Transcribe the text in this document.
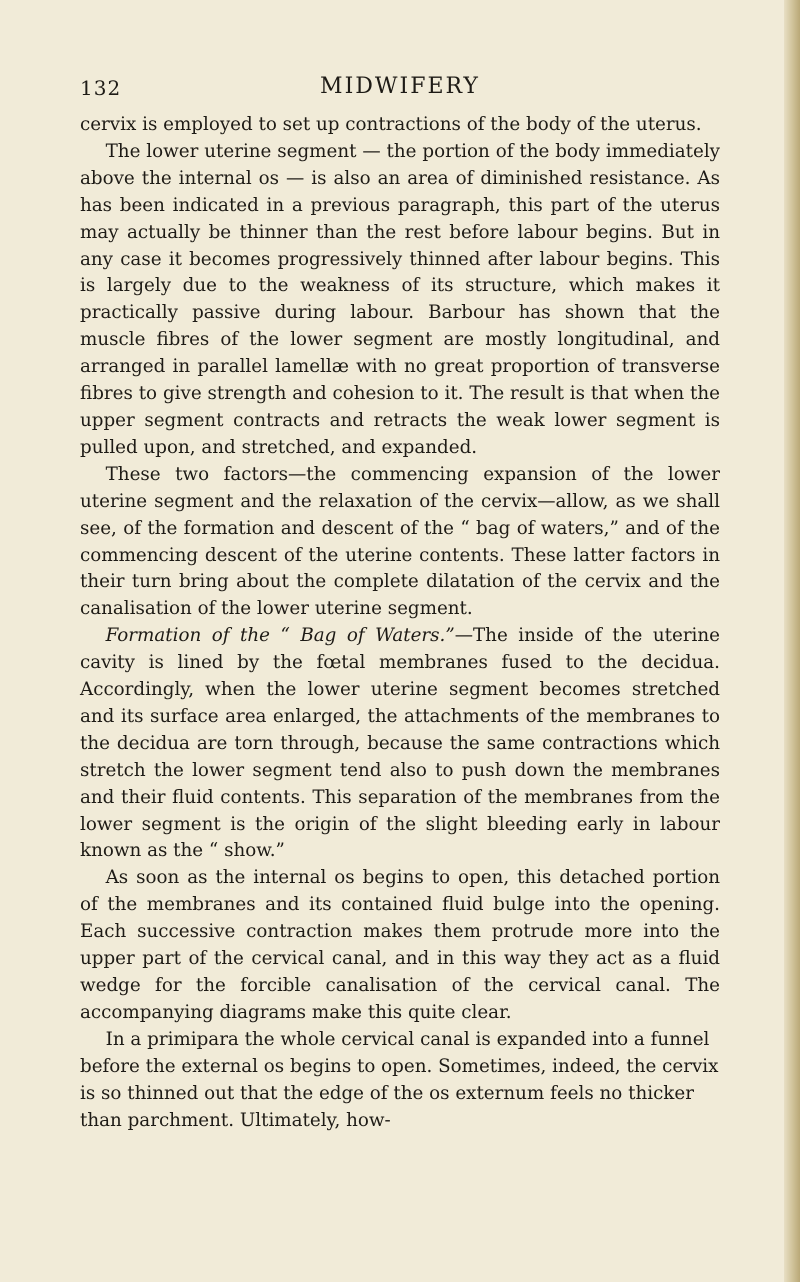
132	MIDWIFERY

cervix is employed to set up contractions of the body of the uterus.

The lower uterine segment — the portion of the body immediately above the internal os — is also an area of diminished resistance. As has been indicated in a previous paragraph, this part of the uterus may actually be thinner than the rest before labour begins. But in any case it becomes progressively thinned after labour begins. This is largely due to the weakness of its structure, which makes it practically passive during labour. Barbour has shown that the muscle fibres of the lower segment are mostly longitudinal, and arranged in parallel lamellæ with no great proportion of transverse fibres to give strength and cohesion to it. The result is that when the upper segment contracts and retracts the weak lower segment is pulled upon, and stretched, and expanded.

These two factors—the commencing expansion of the lower uterine segment and the relaxation of the cervix—allow, as we shall see, of the formation and descent of the “ bag of waters,” and of the commencing descent of the uterine contents. These latter factors in their turn bring about the complete dilatation of the cervix and the canalisation of the lower uterine segment.

Formation of the “ Bag of Waters.”—The inside of the uterine cavity is lined by the fœtal membranes fused to the decidua. Accordingly, when the lower uterine segment becomes stretched and its surface area enlarged, the attachments of the membranes to the decidua are torn through, because the same contractions which stretch the lower segment tend also to push down the membranes and their fluid contents. This separation of the membranes from the lower segment is the origin of the slight bleeding early in labour known as the “ show.”

As soon as the internal os begins to open, this detached portion of the membranes and its contained fluid bulge into the opening. Each successive contraction makes them protrude more into the upper part of the cervical canal, and in this way they act as a fluid wedge for the forcible canalisation of the cervical canal. The accompanying diagrams make this quite clear.

In a primipara the whole cervical canal is expanded into a funnel before the external os begins to open. Sometimes, indeed, the cervix is so thinned out that the edge of the os externum feels no thicker than parchment. Ultimately, how-
